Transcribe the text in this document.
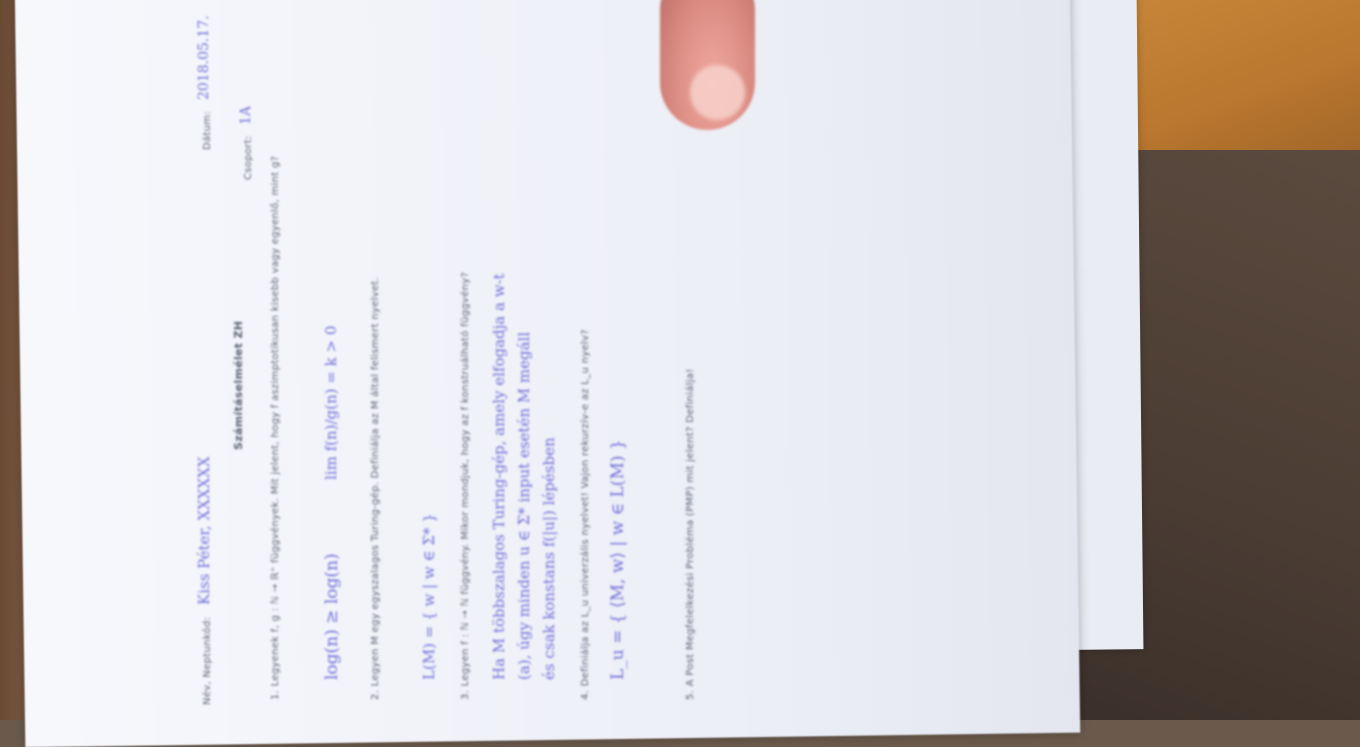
Név, Neptunkód:
Kiss Péter, XXXXXX
Dátum:
2018.05.17.
Számításelmélet ZH
Csoport:
1A
1. Legyenek f, g : ℕ → ℝ⁺ függvények. Mit jelent, hogy f aszimptotikusan kisebb vagy egyenlő, mint g? log(n) ≥ log(n)
lim f(n)/g(n) = k > 0	2. Legyen M egy egyszalagos Turing-gép. Definiálja az M által felismert nyelvet.	L(M) = { w | w ∈ Σ* } 3. Legyen f : ℕ → ℕ függvény. Mikor mondjuk, hogy az f konstruálható függvény? Ha M többszalagos Turing-gép, amely elfogadja a w-t (a), úgy minden u ∈ Σ* input esetén M megáll és csak konstans f(|u|) lépésben 4. Definiálja az L_u univerzális nyelvet! Vajon rekurzív-e az L_u nyelv? L_u = { ⟨M, w⟩ | w ∈ L(M) }	5. A Post Megfelelkezési Probléma (PMP) mit jelent? Definiálja!
